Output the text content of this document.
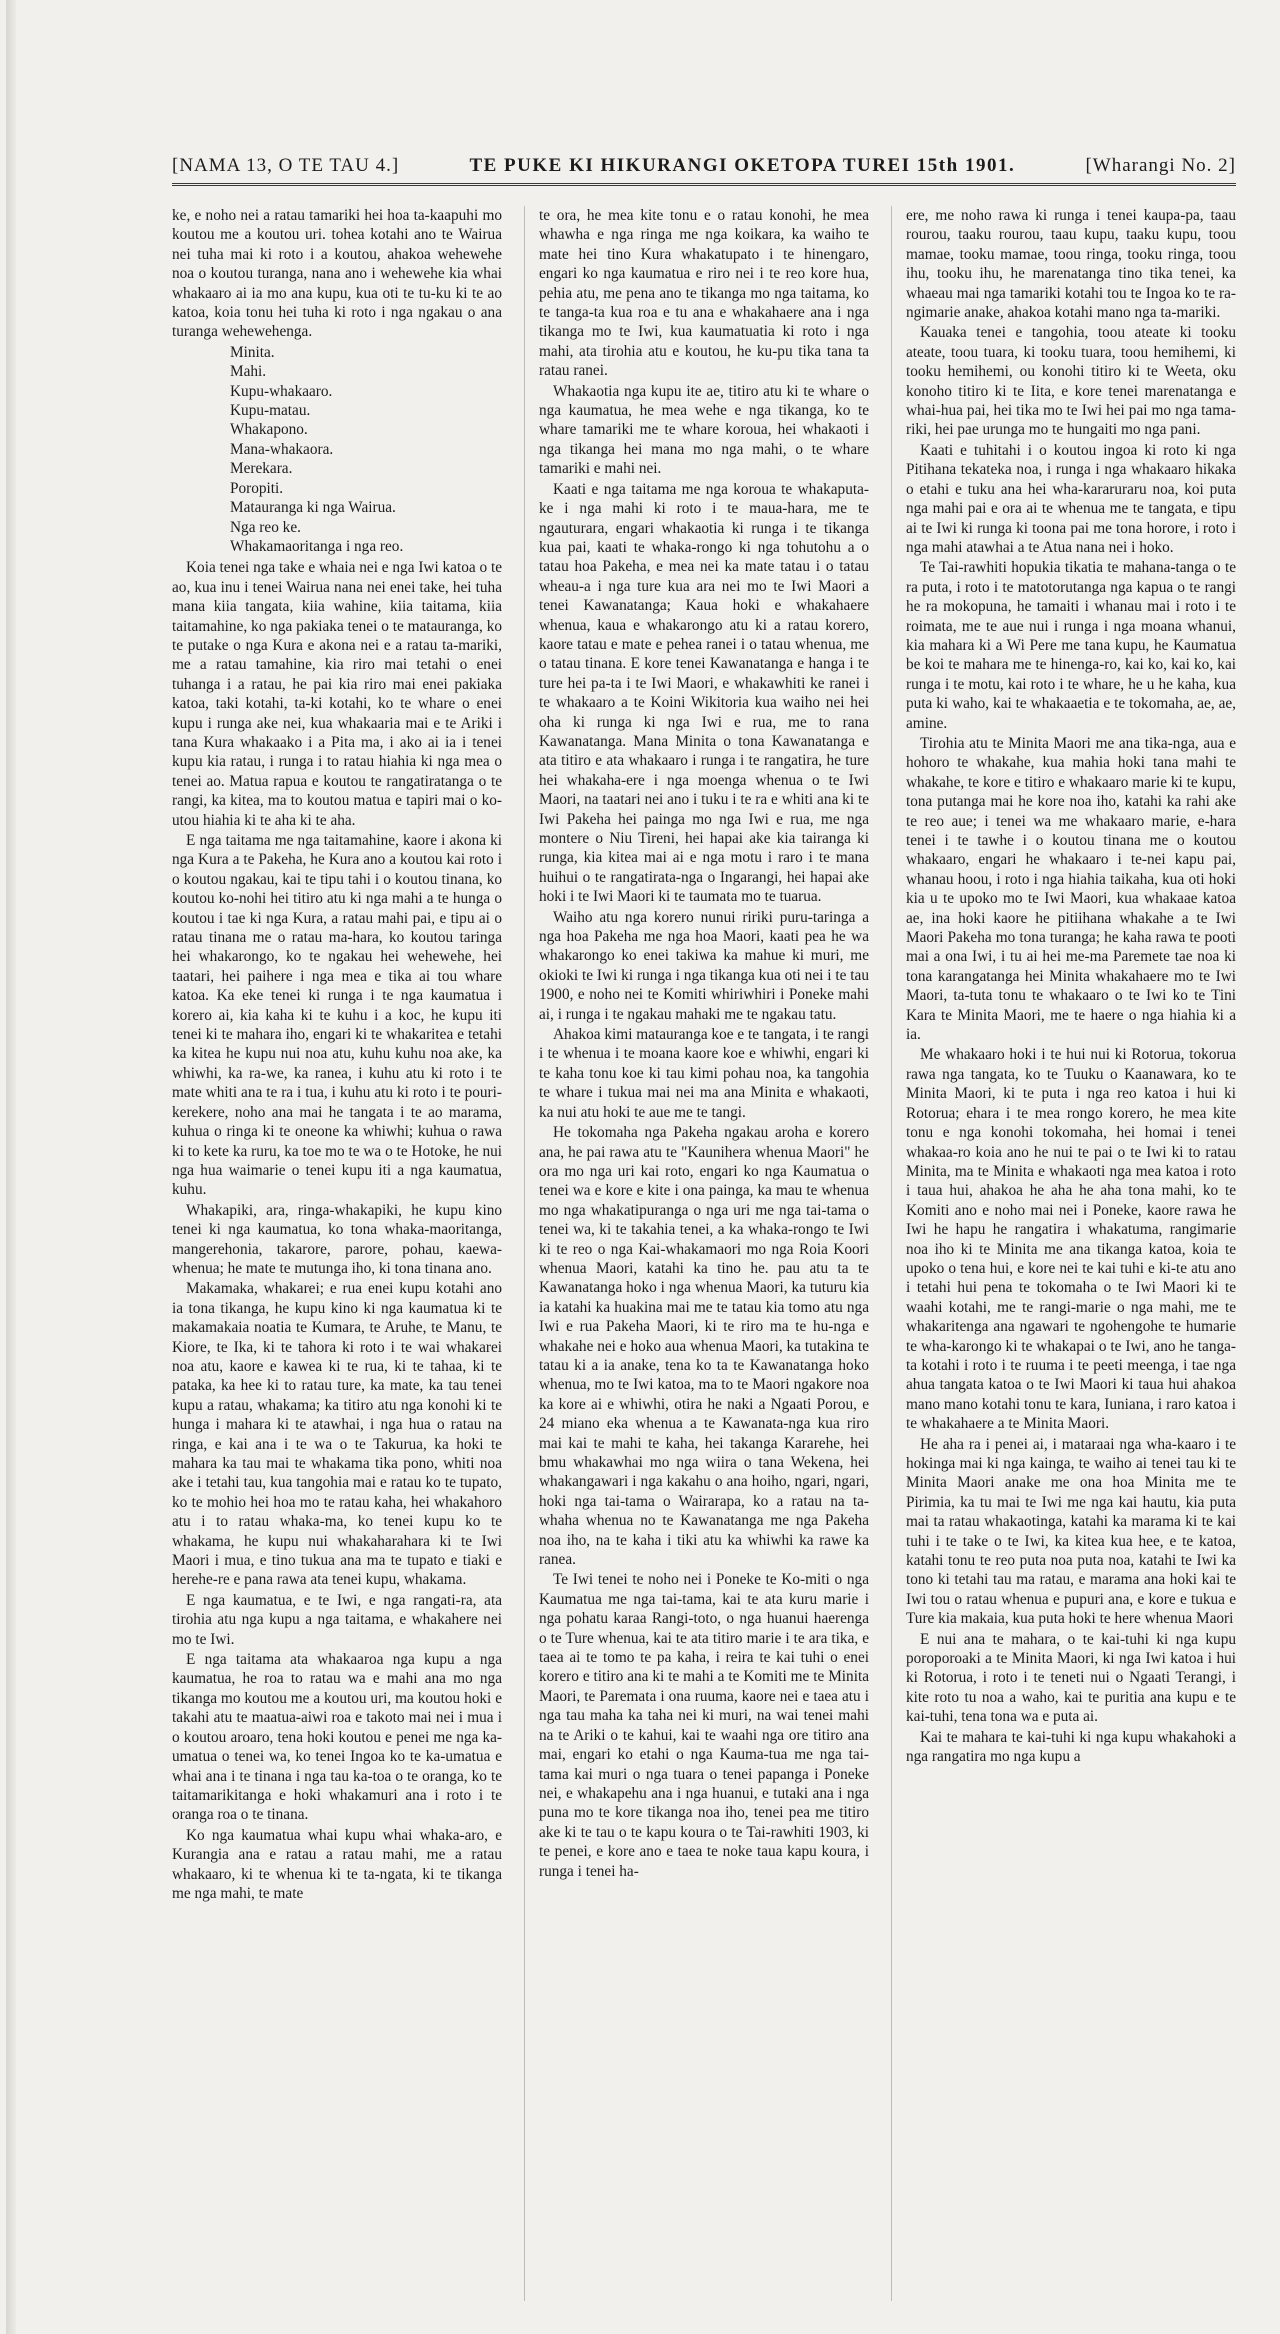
[NAMA 13, O TE TAU 4.]	TE PUKE KI HIKURANGI OKETOPA TUREI 15th 1901.	[Wharangi No. 2]

ke, e noho nei a ratau tamariki hei hoa ta-kaapuhi mo koutou me a koutou uri. tohea kotahi ano te Wairua nei tuha mai ki roto i a koutou, ahakoa wehewehe noa o koutou turanga, nana ano i wehewehe kia whai whakaaro ai ia mo ana kupu, kua oti te tu-ku ki te ao katoa, koia tonu hei tuha ki roto i nga ngakau o ana turanga wehewehenga.

Minita.
Mahi.
Kupu-whakaaro.
Kupu-matau.
Whakapono.
Mana-whakaora.
Merekara.
Poropiti.
Matauranga ki nga Wairua.
Nga reo ke.
Whakamaoritanga i nga reo.

Koia tenei nga take e whaia nei e nga Iwi katoa o te ao, kua inu i tenei Wairua nana nei enei take, hei tuha mana kiia tangata, kiia wahine, kiia taitama, kiia taitamahine, ko nga pakiaka tenei o te matauranga, ko te putake o nga Kura e akona nei e a ratau ta-mariki, me a ratau tamahine, kia riro mai tetahi o enei tuhanga i a ratau, he pai kia riro mai enei pakiaka katoa, taki kotahi, ta-ki kotahi, ko te whare o enei kupu i runga ake nei, kua whakaaria mai e te Ariki i tana Kura whakaako i a Pita ma, i ako ai ia i tenei kupu kia ratau, i runga i to ratau hiahia ki nga mea o tenei ao. Matua rapua e koutou te rangatiratanga o te rangi, ka kitea, ma to koutou matua e tapiri mai o ko-utou hiahia ki te aha ki te aha.

E nga taitama me nga taitamahine, kaore i akona ki nga Kura a te Pakeha, he Kura ano a koutou kai roto i o koutou ngakau, kai te tipu tahi i o koutou tinana, ko koutou ko-nohi hei titiro atu ki nga mahi a te hunga o koutou i tae ki nga Kura, a ratau mahi pai, e tipu ai o ratau tinana me o ratau ma-hara, ko koutou taringa hei whakarongo, ko te ngakau hei wehewehe, hei taatari, hei paihere i nga mea e tika ai tou whare katoa. Ka eke tenei ki runga i te nga kaumatua i korero ai, kia kaha ki te kuhu i a koc, he kupu iti tenei ki te mahara iho, engari ki te whakaritea e tetahi ka kitea he kupu nui noa atu, kuhu kuhu noa ake, ka whiwhi, ka ra-we, ka ranea, i kuhu atu ki roto i te mate whiti ana te ra i tua, i kuhu atu ki roto i te pouri-kerekere, noho ana mai he tangata i te ao marama, kuhua o ringa ki te oneone ka whiwhi; kuhua o rawa ki to kete ka ruru, ka toe mo te wa o te Hotoke, he nui nga hua waimarie o tenei kupu iti a nga kaumatua, kuhu.

Whakapiki, ara, ringa-whakapiki, he kupu kino tenei ki nga kaumatua, ko tona whaka-maoritanga, mangerehonia, takarore, parore, pohau, kaewa-whenua; he mate te mutunga iho, ki tona tinana ano.

Makamaka, whakarei; e rua enei kupu kotahi ano ia tona tikanga, he kupu kino ki nga kaumatua ki te makamakaia noatia te Kumara, te Aruhe, te Manu, te Kiore, te Ika, ki te tahora ki roto i te wai whakarei noa atu, kaore e kawea ki te rua, ki te tahaa, ki te pataka, ka hee ki to ratau ture, ka mate, ka tau tenei kupu a ratau, whakama; ka titiro atu nga konohi ki te hunga i mahara ki te atawhai, i nga hua o ratau na ringa, e kai ana i te wa o te Takurua, ka hoki te mahara ka tau mai te whakama tika pono, whiti noa ake i tetahi tau, kua tangohia mai e ratau ko te tupato, ko te mohio hei hoa mo te ratau kaha, hei whakahoro atu i to ratau whaka-ma, ko tenei kupu ko te whakama, he kupu nui whakaharahara ki te Iwi Maori i mua, e tino tukua ana ma te tupato e tiaki e herehe-re e pana rawa ata tenei kupu, whakama.

E nga kaumatua, e te Iwi, e nga rangati-ra, ata tirohia atu nga kupu a nga taitama, e whakahere nei mo te Iwi.

E nga taitama ata whakaaroa nga kupu a nga kaumatua, he roa to ratau wa e mahi ana mo nga tikanga mo koutou me a koutou uri, ma koutou hoki e takahi atu te maatua-aiwi roa e takoto mai nei i mua i o koutou aroaro, tena hoki koutou e penei me nga ka-umatua o tenei wa, ko tenei Ingoa ko te ka-umatua e whai ana i te tinana i nga tau ka-toa o te oranga, ko te taitamarikitanga e hoki whakamuri ana i roto i te oranga roa o te tinana.

Ko nga kaumatua whai kupu whai whaka-aro, e Kurangia ana e ratau a ratau mahi, me a ratau whakaaro, ki te whenua ki te ta-ngata, ki te tikanga me nga mahi, te mate

te ora, he mea kite tonu e o ratau konohi, he mea whawha e nga ringa me nga koikara, ka waiho te mate hei tino Kura whakatupato i te hinengaro, engari ko nga kaumatua e riro nei i te reo kore hua, pehia atu, me pena ano te tikanga mo nga taitama, ko te tanga-ta kua roa e tu ana e whakahaere ana i nga tikanga mo te Iwi, kua kaumatuatia ki roto i nga mahi, ata tirohia atu e koutou, he ku-pu tika tana ta ratau ranei.

Whakaotia nga kupu ite ae, titiro atu ki te whare o nga kaumatua, he mea wehe e nga tikanga, ko te whare tamariki me te whare koroua, hei whakaoti i nga tikanga hei mana mo nga mahi, o te whare tamariki e mahi nei.

Kaati e nga taitama me nga koroua te whakaputa-ke i nga mahi ki roto i te maua-hara, me te ngauturara, engari whakaotia ki runga i te tikanga kua pai, kaati te whaka-rongo ki nga tohutohu a o tatau hoa Pakeha, e mea nei ka mate tatau i o tatau wheau-a i nga ture kua ara nei mo te Iwi Maori a tenei Kawanatanga; Kaua hoki e whakahaere whenua, kaua e whakarongo atu ki a ratau korero, kaore tatau e mate e pehea ranei i o tatau whenua, me o tatau tinana. E kore tenei Kawanatanga e hanga i te ture hei pa-ta i te Iwi Maori, e whakawhiti ke ranei i te whakaaro a te Koini Wikitoria kua waiho nei hei oha ki runga ki nga Iwi e rua, me to rana Kawanatanga. Mana Minita o tona Kawanatanga e ata titiro e ata whakaaro i runga i te rangatira, he ture hei whakaha-ere i nga moenga whenua o te Iwi Maori, na taatari nei ano i tuku i te ra e whiti ana ki te Iwi Pakeha hei painga mo nga Iwi e rua, me nga montere o Niu Tireni, hei hapai ake kia tairanga ki runga, kia kitea mai ai e nga motu i raro i te mana huihui o te rangatirata-nga o Ingarangi, hei hapai ake hoki i te Iwi Maori ki te taumata mo te tuarua.

Waiho atu nga korero nunui ririki puru-taringa a nga hoa Pakeha me nga hoa Maori, kaati pea he wa whakarongo ko enei takiwa ka mahue ki muri, me okioki te Iwi ki runga i nga tikanga kua oti nei i te tau 1900, e noho nei te Komiti whiriwhiri i Poneke mahi ai, i runga i te ngakau mahaki me te ngakau tatu.

Ahakoa kimi matauranga koe e te tangata, i te rangi i te whenua i te moana kaore koe e whiwhi, engari ki te kaha tonu koe ki tau kimi pohau noa, ka tangohia te whare i tukua mai nei ma ana Minita e whakaoti, ka nui atu hoki te aue me te tangi.

He tokomaha nga Pakeha ngakau aroha e korero ana, he pai rawa atu te "Kaunihera whenua Maori" he ora mo nga uri kai roto, engari ko nga Kaumatua o tenei wa e kore e kite i ona painga, ka mau te whenua mo nga whakatipuranga o nga uri me nga tai-tama o tenei wa, ki te takahia tenei, a ka whaka-rongo te Iwi ki te reo o nga Kai-whakamaori mo nga Roia Koori whenua Maori, katahi ka tino he. pau atu ta te Kawanatanga hoko i nga whenua Maori, ka tuturu kia ia katahi ka huakina mai me te tatau kia tomo atu nga Iwi e rua Pakeha Maori, ki te riro ma te hu-nga e whakahe nei e hoko aua whenua Maori, ka tutakina te tatau ki a ia anake, tena ko ta te Kawanatanga hoko whenua, mo te Iwi katoa, ma to te Maori ngakore noa ka kore ai e whiwhi, otira he naki a Ngaati Porou, e 24 miano eka whenua a te Kawanata-nga kua riro mai kai te mahi te kaha, hei takanga Kararehe, hei bmu whakawhai mo nga wiira o tana Wekena, hei whakangawari i nga kakahu o ana hoiho, ngari, ngari, hoki nga tai-tama o Wairarapa, ko a ratau na ta-whaha whenua no te Kawanatanga me nga Pakeha noa iho, na te kaha i tiki atu ka whiwhi ka rawe ka ranea.

Te Iwi tenei te noho nei i Poneke te Ko-miti o nga Kaumatua me nga tai-tama, kai te ata kuru marie i nga pohatu karaa Rangi-toto, o nga huanui haerenga o te Ture whenua, kai te ata titiro marie i te ara tika, e taea ai te tomo te pa kaha, i reira te kai tuhi o enei korero e titiro ana ki te mahi a te Komiti me te Minita Maori, te Paremata i ona ruuma, kaore nei e taea atu i nga tau maha ka taha nei ki muri, na wai tenei mahi na te Ariki o te kahui, kai te waahi nga ore titiro ana mai, engari ko etahi o nga Kauma-tua me nga tai-tama kai muri o nga tuara o tenei papanga i Poneke nei, e whakapehu ana i nga huanui, e tutaki ana i nga puna mo te kore tikanga noa iho, tenei pea me titiro ake ki te tau o te kapu koura o te Tai-rawhiti 1903, ki te penei, e kore ano e taea te noke taua kapu koura, i runga i tenei ha-

ere, me noho rawa ki runga i tenei kaupa-pa, taau rourou, taaku rourou, taau kupu, taaku kupu, toou mamae, tooku mamae, toou ringa, tooku ringa, toou ihu, tooku ihu, he marenatanga tino tika tenei, ka whaeau mai nga tamariki kotahi tou te Ingoa ko te ra-ngimarie anake, ahakoa kotahi mano nga ta-mariki.

Kauaka tenei e tangohia, toou ateate ki tooku ateate, toou tuara, ki tooku tuara, toou hemihemi, ki tooku hemihemi, ou konohi titiro ki te Weeta, oku konoho titiro ki te Iita, e kore tenei marenatanga e whai-hua pai, hei tika mo te Iwi hei pai mo nga tama-riki, hei pae urunga mo te hungaiti mo nga pani.

Kaati e tuhitahi i o koutou ingoa ki roto ki nga Pitihana tekateka noa, i runga i nga whakaaro hikaka o etahi e tuku ana hei wha-kararuraru noa, koi puta nga mahi pai e ora ai te whenua me te tangata, e tipu ai te Iwi ki runga ki toona pai me tona horore, i roto i nga mahi atawhai a te Atua nana nei i hoko.

Te Tai-rawhiti hopukia tikatia te mahana-tanga o te ra puta, i roto i te matotorutanga nga kapua o te rangi he ra mokopuna, he tamaiti i whanau mai i roto i te roimata, me te aue nui i runga i nga moana whanui, kia mahara ki a Wi Pere me tana kupu, he Kaumatua be koi te mahara me te hinenga-ro, kai ko, kai ko, kai runga i te motu, kai roto i te whare, he u he kaha, kua puta ki waho, kai te whakaaetia e te tokomaha, ae, ae, amine.

Tirohia atu te Minita Maori me ana tika-nga, aua e hohoro te whakahe, kua mahia hoki tana mahi te whakahe, te kore e titiro e whakaaro marie ki te kupu, tona putanga mai he kore noa iho, katahi ka rahi ake te reo aue; i tenei wa me whakaaro marie, e-hara tenei i te tawhe i o koutou tinana me o koutou whakaaro, engari he whakaaro i te-nei kapu pai, whanau hoou, i roto i nga hiahia taikaha, kua oti hoki kia u te upoko mo te Iwi Maori, kua whakaae katoa ae, ina hoki kaore he pitiihana whakahe a te Iwi Maori Pakeha mo tona turanga; he kaha rawa te pooti mai a ona Iwi, i tu ai hei me-ma Paremete tae noa ki tona karangatanga hei Minita whakahaere mo te Iwi Maori, ta-tuta tonu te whakaaro o te Iwi ko te Tini Kara te Minita Maori, me te haere o nga hiahia ki a ia.

Me whakaaro hoki i te hui nui ki Rotorua, tokorua rawa nga tangata, ko te Tuuku o Kaanawara, ko te Minita Maori, ki te puta i nga reo katoa i hui ki Rotorua; ehara i te mea rongo korero, he mea kite tonu e nga konohi tokomaha, hei homai i tenei whakaa-ro koia ano he nui te pai o te Iwi ki to ratau Minita, ma te Minita e whakaoti nga mea katoa i roto i taua hui, ahakoa he aha he aha tona mahi, ko te Komiti ano e noho mai nei i Poneke, kaore rawa he Iwi he hapu he rangatira i whakatuma, rangimarie noa iho ki te Minita me ana tikanga katoa, koia te upoko o tena hui, e kore nei te kai tuhi e ki-te atu ano i tetahi hui pena te tokomaha o te Iwi Maori ki te waahi kotahi, me te rangi-marie o nga mahi, me te whakaritenga ana ngawari te ngohengohe te humarie te wha-karongo ki te whakapai o te Iwi, ano he tanga-ta kotahi i roto i te ruuma i te peeti meenga, i tae nga ahua tangata katoa o te Iwi Maori ki taua hui ahakoa mano mano kotahi tonu te kara, Iuniana, i raro katoa i te whakahaere a te Minita Maori.

He aha ra i penei ai, i mataraai nga wha-kaaro i te hokinga mai ki nga kainga, te waiho ai tenei tau ki te Minita Maori anake me ona hoa Minita me te Pirimia, ka tu mai te Iwi me nga kai hautu, kia puta mai ta ratau whakaotinga, katahi ka marama ki te kai tuhi i te take o te Iwi, ka kitea kua hee, e te katoa, katahi tonu te reo puta noa puta noa, katahi te Iwi ka tono ki tetahi tau ma ratau, e marama ana hoki kai te Iwi tou o ratau whenua e pupuri ana, e kore e tukua e Ture kia makaia, kua puta hoki te here whenua Maori

E nui ana te mahara, o te kai-tuhi ki nga kupu poroporoaki a te Minita Maori, ki nga Iwi katoa i hui ki Rotorua, i roto i te teneti nui o Ngaati Terangi, i kite roto tu noa a waho, kai te puritia ana kupu e te kai-tuhi, tena tona wa e puta ai.

Kai te mahara te kai-tuhi ki nga kupu whakahoki a nga rangatira mo nga kupu a
